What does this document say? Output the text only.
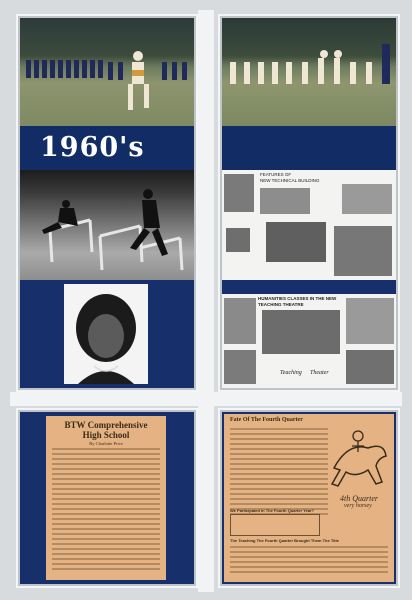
1960's
FEATURES OF
NEW TECHNICAL BUILDING
HUMANITIES CLASSES IN THE NEW
TEACHING THEATRE
Teaching Theater
BTW Comprehensive
High School
By Charlotte Price
Fate Of The Fourth Quarter
4th Quarter
very horsey
The Teaching The Fourth Quarter Brought Them The Title
We Participated In The Fourth Quarter Year?
